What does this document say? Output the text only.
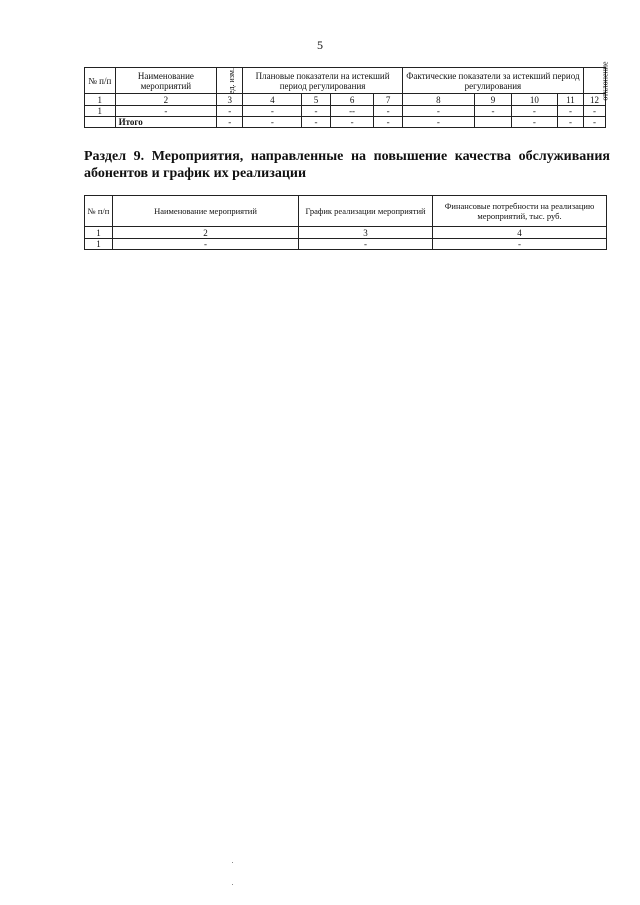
5
№ п/п	Наименование мероприятий	ед. изм.	Плановые показатели на истекший период регулирования				Фактические показатели за истекший период регулирования				отклонение
1	2	3	4	5	6	7	8	9	10	11	12
1	-	-	-	-	--	-	-	-	-	-	-
	Итого	-	-	-	-	-	-		-	-	-
Раздел 9. Мероприятия, направленные на повышение качества обслуживания абонентов и график их реализации
№ п/п	Наименование мероприятий	График реализации мероприятий	Финансовые потребности на реализацию мероприятий, тыс. руб.
1	2	3	4
1	-	-	-
